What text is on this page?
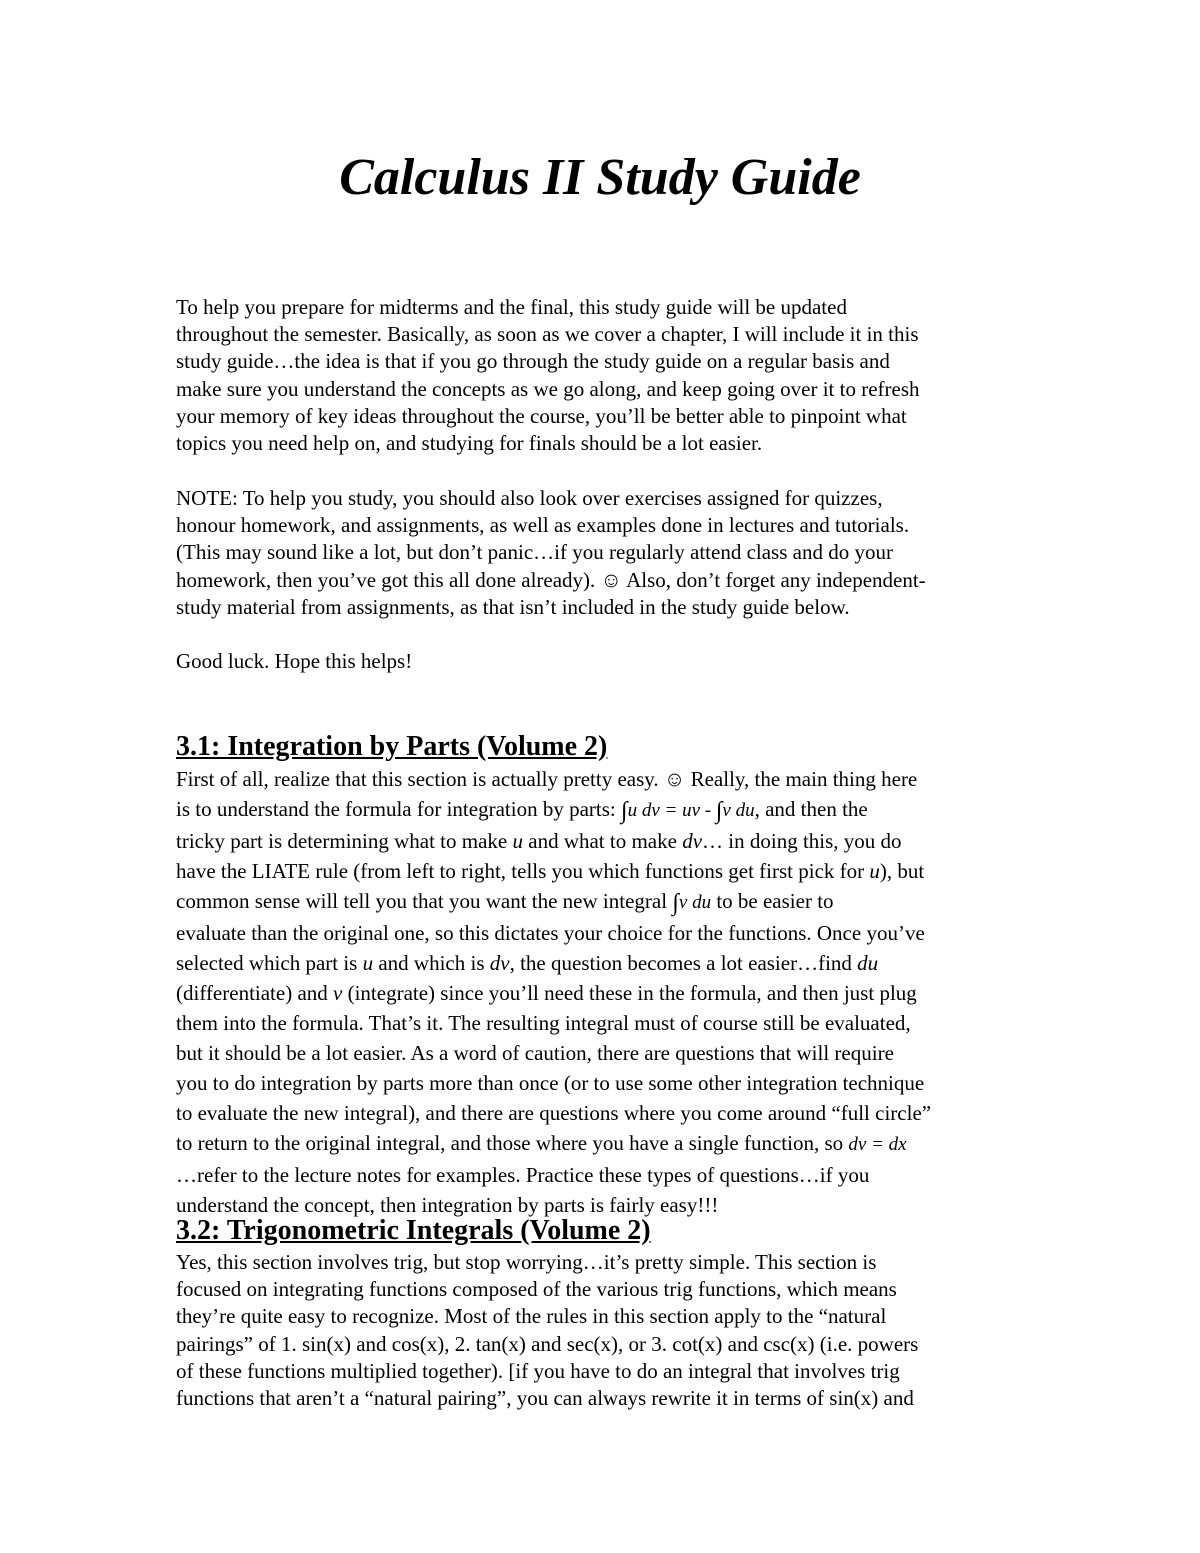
Calculus II Study Guide

To help you prepare for midterms and the final, this study guide will be updated

throughout the semester. Basically, as soon as we cover a chapter, I will include it in this

study guide…the idea is that if you go through the study guide on a regular basis and

make sure you understand the concepts as we go along, and keep going over it to refresh

your memory of key ideas throughout the course, you’ll be better able to pinpoint what

topics you need help on, and studying for finals should be a lot easier.

NOTE: To help you study, you should also look over exercises assigned for quizzes,

honour homework, and assignments, as well as examples done in lectures and tutorials.

(This may sound like a lot, but don’t panic…if you regularly attend class and do your

homework, then you’ve got this all done already). ☺ Also, don’t forget any independent-

study material from assignments, as that isn’t included in the study guide below.

Good luck. Hope this helps!

3.1: Integration by Parts (Volume 2)

First of all, realize that this section is actually pretty easy. ☺ Really, the main thing here

is to understand the formula for integration by parts: ∫u dv = uv - ∫v du, and then the

tricky part is determining what to make u and what to make dv… in doing this, you do

have the LIATE rule (from left to right, tells you which functions get first pick for u), but

common sense will tell you that you want the new integral ∫v du to be easier to

evaluate than the original one, so this dictates your choice for the functions. Once you’ve

selected which part is u and which is dv, the question becomes a lot easier…find du

(differentiate) and v (integrate) since you’ll need these in the formula, and then just plug

them into the formula. That’s it. The resulting integral must of course still be evaluated,

but it should be a lot easier. As a word of caution, there are questions that will require

you to do integration by parts more than once (or to use some other integration technique

to evaluate the new integral), and there are questions where you come around “full circle”

to return to the original integral, and those where you have a single function, so dv = dx

…refer to the lecture notes for examples. Practice these types of questions…if you

understand the concept, then integration by parts is fairly easy!!!

3.2: Trigonometric Integrals (Volume 2)

Yes, this section involves trig, but stop worrying…it’s pretty simple. This section is

focused on integrating functions composed of the various trig functions, which means

they’re quite easy to recognize. Most of the rules in this section apply to the “natural

pairings” of 1. sin(x) and cos(x), 2. tan(x) and sec(x), or 3. cot(x) and csc(x) (i.e. powers

of these functions multiplied together). [if you have to do an integral that involves trig

functions that aren’t a “natural pairing”, you can always rewrite it in terms of sin(x) and
